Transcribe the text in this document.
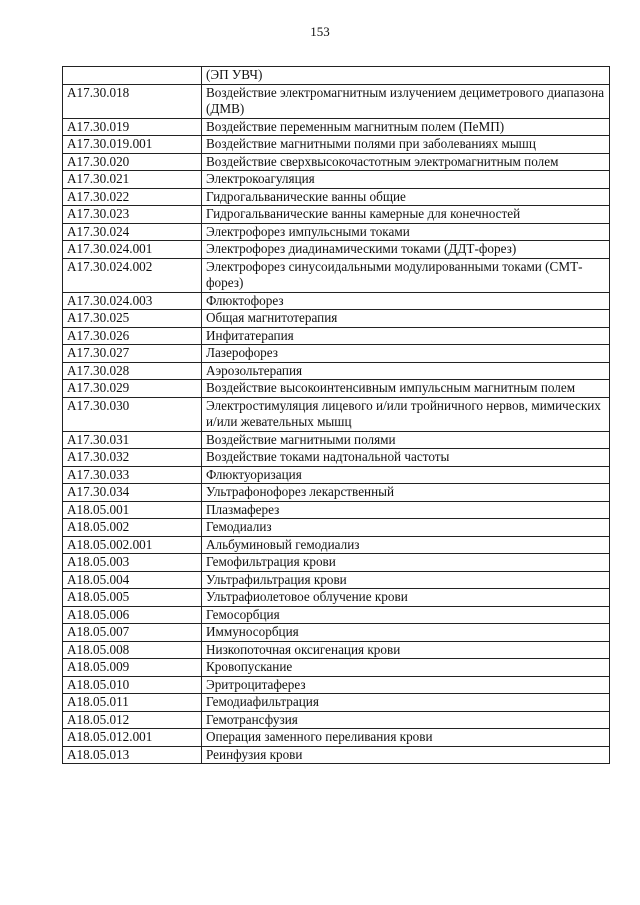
153
	(ЭП УВЧ)
A17.30.018	Воздействие электромагнитным излучением дециметрового диапазона (ДМВ)
A17.30.019	Воздействие переменным магнитным полем (ПеМП)
A17.30.019.001	Воздействие магнитными полями при заболеваниях мышц
A17.30.020	Воздействие сверхвысокочастотным электромагнитным полем
A17.30.021	Электрокоагуляция
A17.30.022	Гидрогальванические ванны общие
A17.30.023	Гидрогальванические ванны камерные для конечностей
A17.30.024	Электрофорез импульсными токами
A17.30.024.001	Электрофорез диадинамическими токами (ДДТ-форез)
A17.30.024.002	Электрофорез синусоидальными модулированными токами (СМТ-форез)
A17.30.024.003	Флюктофорез
A17.30.025	Общая магнитотерапия
A17.30.026	Инфитатерапия
A17.30.027	Лазерофорез
A17.30.028	Аэрозольтерапия
A17.30.029	Воздействие высокоинтенсивным импульсным магнитным полем
A17.30.030	Электростимуляция лицевого и/или тройничного нервов, мимических и/или жевательных мышц
A17.30.031	Воздействие магнитными полями
A17.30.032	Воздействие токами надтональной частоты
A17.30.033	Флюктуоризация
A17.30.034	Ультрафонофорез лекарственный
A18.05.001	Плазмаферез
A18.05.002	Гемодиализ
A18.05.002.001	Альбуминовый гемодиализ
A18.05.003	Гемофильтрация крови
A18.05.004	Ультрафильтрация крови
A18.05.005	Ультрафиолетовое облучение крови
A18.05.006	Гемосорбция
A18.05.007	Иммуносорбция
A18.05.008	Низкопоточная оксигенация крови
A18.05.009	Кровопускание
A18.05.010	Эритроцитаферез
A18.05.011	Гемодиафильтрация
A18.05.012	Гемотрансфузия
A18.05.012.001	Операция заменного переливания крови
A18.05.013	Реинфузия крови
